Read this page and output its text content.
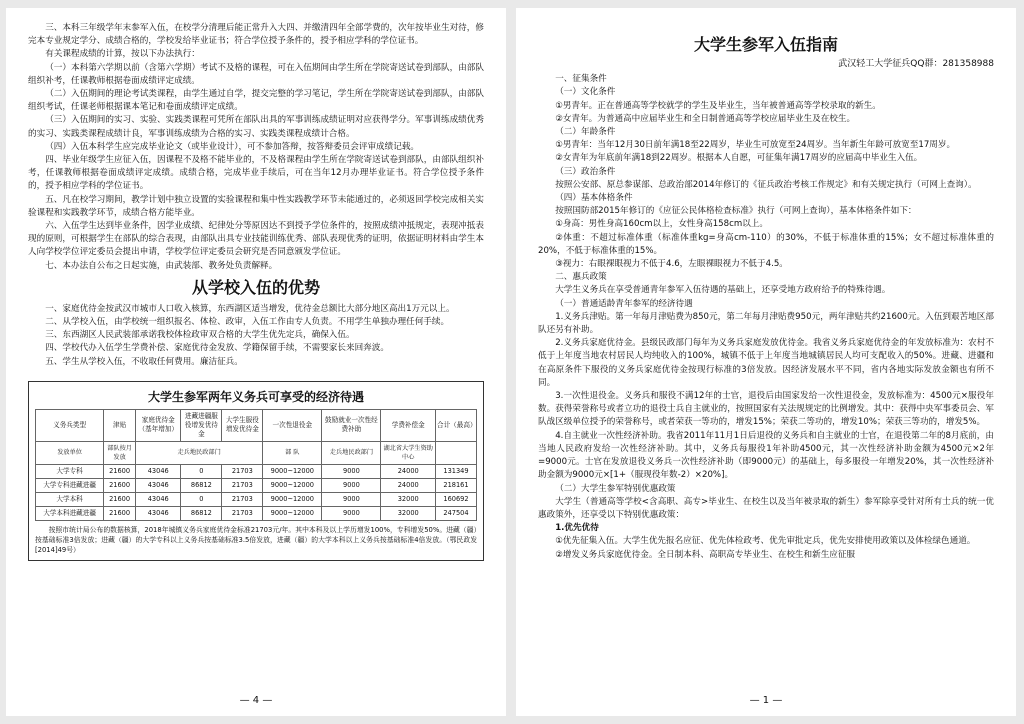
三、本科三年级学年末参军入伍，在校学分清理后能正常升入大四、并缴清四年全部学费的，次年按毕业生对待，修完本专业规定学分、成绩合格的，学校发给毕业证书；符合学位授予条件的，授予相应学科的学位证书。

有关课程成绩的计算，按以下办法执行：

（一）本科第六学期以前（含第六学期）考试不及格的课程，可在入伍期间由学生所在学院寄送试卷到部队，由部队组织补考，任课教师根据卷面成绩评定成绩。

（二）入伍期间的理论考试类课程，由学生通过自学，提交完整的学习笔记，学生所在学院寄送试卷到部队，由部队组织考试，任课老师根据课本笔记和卷面成绩评定成绩。

（三）入伍期间的实习、实验、实践类课程可凭所在部队出具的军事训练成绩证明对应获得学分。军事训练成绩优秀的实习、实践类课程成绩计良，军事训练成绩为合格的实习、实践类课程成绩计合格。

（四）入伍本科学生应完成毕业论文（或毕业设计），可不参加答辩，按答辩委员会评审成绩记载。

四、毕业年级学生应征入伍，因课程不及格不能毕业的，不及格课程由学生所在学院寄送试卷到部队，由部队组织补考，任课教师根据卷面成绩评定成绩。成绩合格，完成毕业手续后，可在当年12月办理毕业证书。符合学位授予条件的，授予相应学科的学位证书。

五、凡在校学习期间，教学计划中独立设置的实验课程和集中性实践教学环节未能通过的，必须返回学校完成相关实验课程和实践教学环节，成绩合格方能毕业。

六、入伍学生达到毕业条件，因学业成绩、纪律处分等原因达不到授予学位条件的，按照成绩冲抵规定，表现冲抵表现的原则，可根据学生在部队的综合表现，由部队出具专业技能训练优秀、部队表现优秀的证明，依据证明材料由学生本人向学校学位评定委员会提出申请，学校学位评定委员会研究是否同意颁发学位证。

七、本办法自公布之日起实施，由武装部、教务处负责解释。

从学校入伍的优势

一、家庭优待金按武汉市城市人口收入核算，东西湖区适当增发，优待金总额比大部分地区高出1万元以上。

二、从学校入伍，由学校统一组织报名、体检、政审，入伍工作由专人负责。不用学生单独办理任何手续。

三、东西湖区人民武装部承诺我校体检政审双合格的大学生优先定兵，确保入伍。

四、学校代办入伍学生学费补偿、家庭优待金发放、学籍保留手续，不需要家长来回奔波。

五、学生从学校入伍，不收取任何费用。廉洁征兵。

大学生参军两年义务兵可享受的经济待遇
义务兵类型	津贴	家庭优待金（基年增加）	进藏进疆服役增发优待金	大学生服役增发优待金	一次性退役金	鼓励就业一次性经费补助	学费补偿金	合计（最高）
发放单位	部队按月发放	走兵地民政部门			部 队	走兵地民政部门	湖北省大学生资助中心	
大学专科	21600	43046	0	21703	9000~12000	9000	24000	131349
大学专科进藏进疆	21600	43046	86812	21703	9000~12000	9000	24000	218161
大学本科	21600	43046	0	21703	9000~12000	9000	32000	160692
大学本科进藏进疆	21600	43046	86812	21703	9000~12000	9000	32000	247504
按照市统计局公布的数据核算，2018年城镇义务兵家庭优待金标准21703元/年。其中本科及以上学历增发100%，专科增发50%。进藏（疆）按基础标准3倍发放；进藏（疆）的大学专科以上义务兵按基础标准3.5倍发放，进藏（疆）的大学本科以上义务兵按基础标准4倍发放。（鄂民政发[2014]49号）
— 4 —
大学生参军入伍指南

武汉轻工大学征兵QQ群：281358988

一、征集条件

（一）文化条件

①男青年。正在普通高等学校就学的学生及毕业生，当年被普通高等学校录取的新生。

②女青年。为普通高中应届毕业生和全日制普通高等学校应届毕业生及在校生。

（二）年龄条件

①男青年：当年12月30日前年满18至22周岁，毕业生可放宽至24周岁。当年新生年龄可放宽至17周岁。

②女青年为年底前年满18到22周岁。根据本人自愿，可征集年满17周岁的应届高中毕业生入伍。

（三）政治条件

按照公安部、原总参谋部、总政治部2014年修订的《征兵政治考核工作规定》和有关规定执行（可网上查询）。

（四）基本体格条件

按照国防部2015年修订的《应征公民体格检查标准》执行（可网上查询），基本体格条件如下：

①身高：男性身高160cm以上，女性身高158cm以上。

②体重：不超过标准体重（标准体重kg=身高cm-110）的30%，不低于标准体重的15%；女不超过标准体重的20%，不低于标准体重的15%。

③视力：右眼裸眼视力不低于4.6，左眼裸眼视力不低于4.5。

二、惠兵政策

大学生义务兵在享受普通青年参军入伍待遇的基础上，还享受地方政府给予的特殊待遇。

（一）普通适龄青年参军的经济待遇

1.义务兵津贴。第一年每月津贴费为850元，第二年每月津贴费950元，两年津贴共约21600元。入伍到艰苦地区部队还另有补助。

2.义务兵家庭优待金。县级民政部门每年为义务兵家庭发放优待金。我省义务兵家庭优待金的年发放标准为：农村不低于上年度当地农村居民人均纯收入的100%，城镇不低于上年度当地城镇居民人均可支配收入的50%。进藏、进疆和在高原条件下服役的义务兵家庭优待金按现行标准的3倍发放。因经济发展水平不同，省内各地实际发放金额也有所不同。

3.一次性退役金。义务兵和服役不满12年的士官，退役后由国家发给一次性退役金，发放标准为：4500元×服役年数。获得荣誉称号或者立功的退役士兵自主就业的，按照国家有关法规规定的比例增发。其中：获得中央军事委员会、军队战区级单位授予的荣誉称号，或者荣获一等功的，增发15%；荣获二等功的，增发10%；荣获三等功的，增发5%。

4.自主就业一次性经济补助。我省2011年11月1日后退役的义务兵和自主就业的士官，在退役第二年的8月底前，由当地人民政府发给一次性经济补助。其中，义务兵每服役1年补助4500元，其一次性经济补助金额为4500元×2年=9000元。士官在发放退役义务兵一次性经济补助（即9000元）的基础上，每多服役一年增发20%，其一次性经济补助金额为9000元×[1+（服现役年数-2）×20%]。

（二）大学生参军特别优惠政策

大学生（普通高等学校<含高职、高专>毕业生、在校生以及当年被录取的新生）参军除享受针对所有士兵的统一优惠政策外，还享受以下特别优惠政策：

1.优先优待

①优先征集入伍。大学生优先报名应征、优先体检政考、优先审批定兵，优先安排使用政策以及体检绿色通道。

②增发义务兵家庭优待金。全日制本科、高职高专毕业生、在校生和新生应征服

— 1 —
